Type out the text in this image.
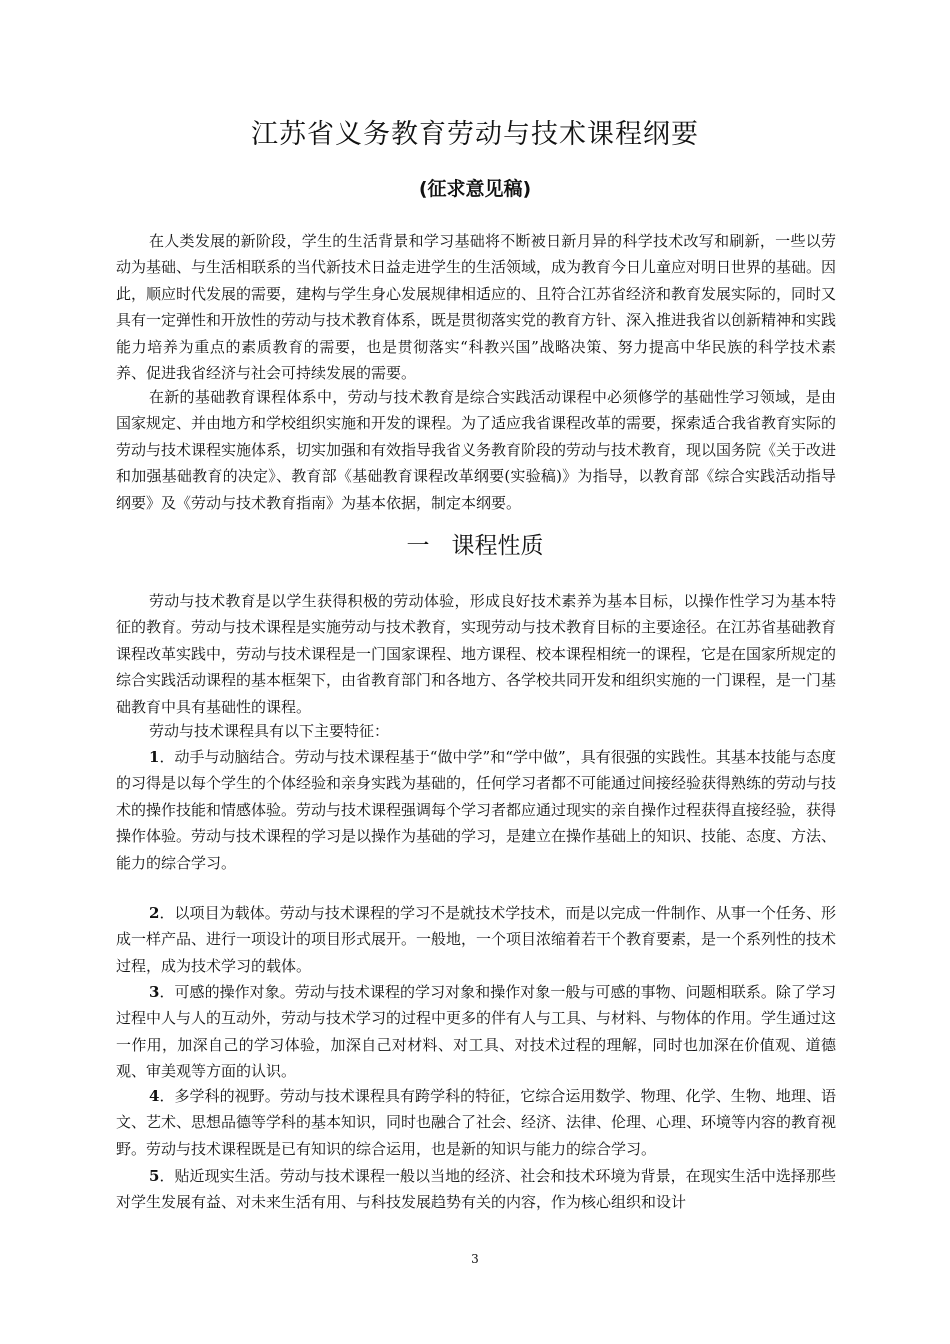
江苏省义务教育劳动与技术课程纲要
(征求意见稿)

在人类发展的新阶段，学生的生活背景和学习基础将不断被日新月异的科学技术改写和刷新，一些以劳动为基础、与生活相联系的当代新技术日益走进学生的生活领域，成为教育今日儿童应对明日世界的基础。因此，顺应时代发展的需要，建构与学生身心发展规律相适应的、且符合江苏省经济和教育发展实际的，同时又具有一定弹性和开放性的劳动与技术教育体系，既是贯彻落实党的教育方针、深入推进我省以创新精神和实践能力培养为重点的素质教育的需要，也是贯彻落实“科教兴国”战略决策、努力提高中华民族的科学技术素养、促进我省经济与社会可持续发展的需要。

在新的基础教育课程体系中，劳动与技术教育是综合实践活动课程中必须修学的基础性学习领域，是由国家规定、并由地方和学校组织实施和开发的课程。为了适应我省课程改革的需要，探索适合我省教育实际的劳动与技术课程实施体系，切实加强和有效指导我省义务教育阶段的劳动与技术教育，现以国务院《关于改进和加强基础教育的决定》、教育部《基础教育课程改革纲要(实验稿)》为指导，以教育部《综合实践活动指导纲要》及《劳动与技术教育指南》为基本依据，制定本纲要。

一 课程性质

劳动与技术教育是以学生获得积极的劳动体验，形成良好技术素养为基本目标，以操作性学习为基本特征的教育。劳动与技术课程是实施劳动与技术教育，实现劳动与技术教育目标的主要途径。在江苏省基础教育课程改革实践中，劳动与技术课程是一门国家课程、地方课程、校本课程相统一的课程，它是在国家所规定的综合实践活动课程的基本框架下，由省教育部门和各地方、各学校共同开发和组织实施的一门课程，是一门基础教育中具有基础性的课程。

劳动与技术课程具有以下主要特征：

1．动手与动脑结合。劳动与技术课程基于“做中学”和“学中做”，具有很强的实践性。其基本技能与态度的习得是以每个学生的个体经验和亲身实践为基础的，任何学习者都不可能通过间接经验获得熟练的劳动与技术的操作技能和情感体验。劳动与技术课程强调每个学习者都应通过现实的亲自操作过程获得直接经验，获得操作体验。劳动与技术课程的学习是以操作为基础的学习，是建立在操作基础上的知识、技能、态度、方法、能力的综合学习。

2．以项目为载体。劳动与技术课程的学习不是就技术学技术，而是以完成一件制作、从事一个任务、形成一样产品、进行一项设计的项目形式展开。一般地，一个项目浓缩着若干个教育要素，是一个系列性的技术过程，成为技术学习的载体。

3．可感的操作对象。劳动与技术课程的学习对象和操作对象一般与可感的事物、问题相联系。除了学习过程中人与人的互动外，劳动与技术学习的过程中更多的伴有人与工具、与材料、与物体的作用。学生通过这一作用，加深自己的学习体验，加深自己对材料、对工具、对技术过程的理解，同时也加深在价值观、道德观、审美观等方面的认识。

4．多学科的视野。劳动与技术课程具有跨学科的特征，它综合运用数学、物理、化学、生物、地理、语文、艺术、思想品德等学科的基本知识，同时也融合了社会、经济、法律、伦理、心理、环境等内容的教育视野。劳动与技术课程既是已有知识的综合运用，也是新的知识与能力的综合学习。

5．贴近现实生活。劳动与技术课程一般以当地的经济、社会和技术环境为背景，在现实生活中选择那些对学生发展有益、对未来生活有用、与科技发展趋势有关的内容，作为核心组织和设计

3
